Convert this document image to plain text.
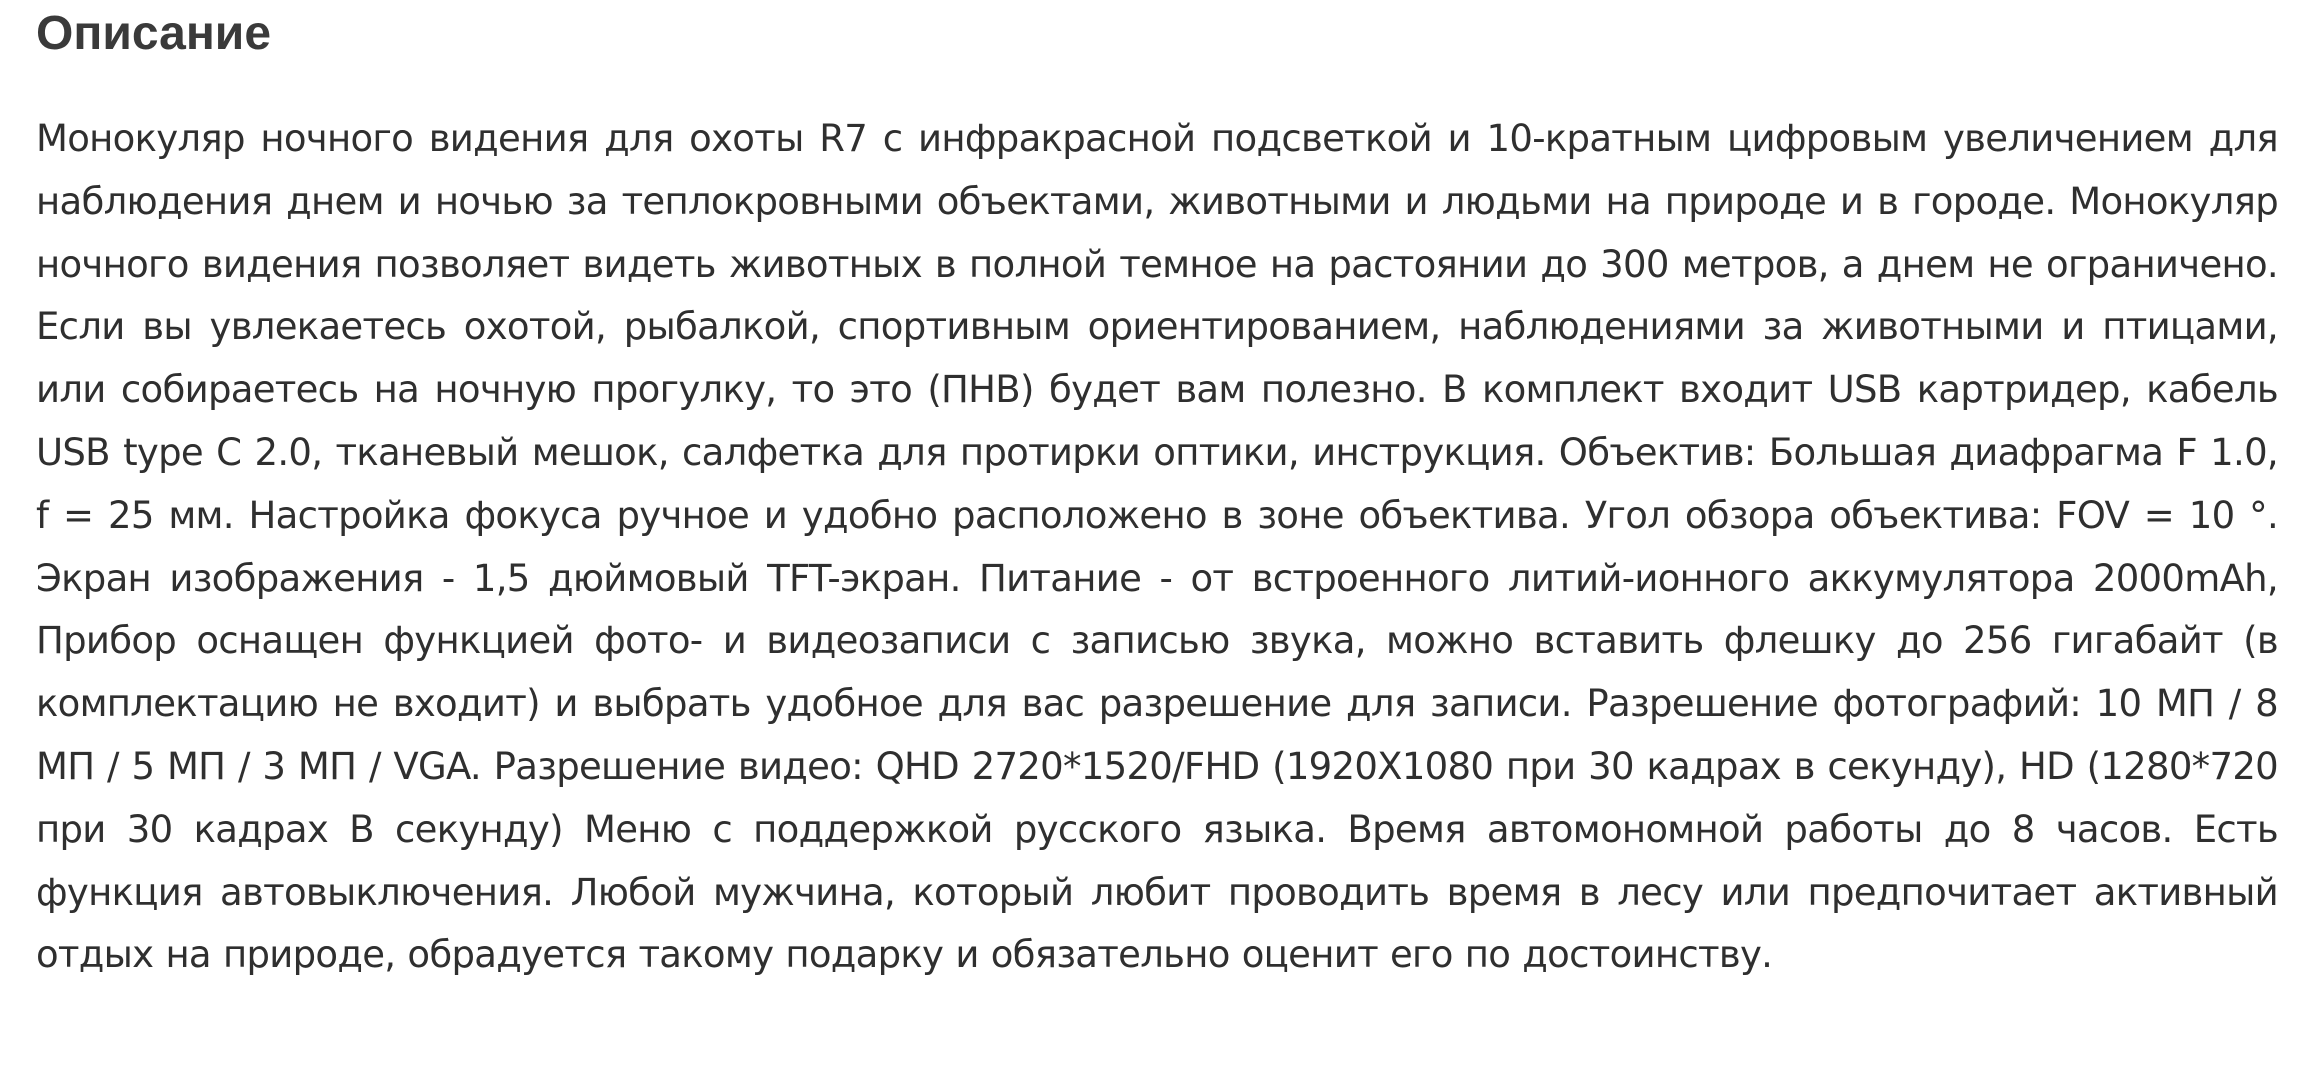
Описание

Монокуляр ночного видения для охоты R7 с инфракрасной подсветкой и 10-кратным цифровым увеличением для наблюдения днем и ночью за теплокровными объектами, животными и людьми на природе и в городе. Монокуляр ночного видения позволяет видеть животных в полной темное на растоянии до 300 метров, а днем не ограничено. Если вы увлекаетесь охотой, рыбалкой, спортивным ориентированием, наблюдениями за животными и птицами, или собираетесь на ночную прогулку, то это (ПНВ) будет вам полезно. В комплект входит USB картридер, кабель USB type C 2.0, тканевый мешок, салфетка для протирки оптики, инструкция. Объектив: Большая диафрагма F 1.0, f = 25 мм. Настройка фокуса ручное и удобно расположено в зоне объектива. Угол обзора объектива: FOV = 10 °. Экран изображения - 1,5 дюймовый TFT-экран. Питание - от встроенного литий-ионного аккумулятора 2000mAh, Прибор оснащен функцией фото- и видеозаписи с записью звука, можно вставить флешку до 256 гигабайт (в комплектацию не входит) и выбрать удобное для вас разрешение для записи. Разрешение фотографий: 10 МП / 8 МП / 5 МП / 3 МП / VGA. Разрешение видео: QHD 2720*1520/FHD (1920X1080 при 30 кадрах в секунду), HD (1280*720 при 30 кадрах В секунду) Меню с поддержкой русского языка. Время автомономной работы до 8 часов. Есть функция автовыключения. Любой мужчина, который любит проводить время в лесу или предпочитает активный отдых на природе, обрадуется такому подарку и обязательно оценит его по достоинству.
